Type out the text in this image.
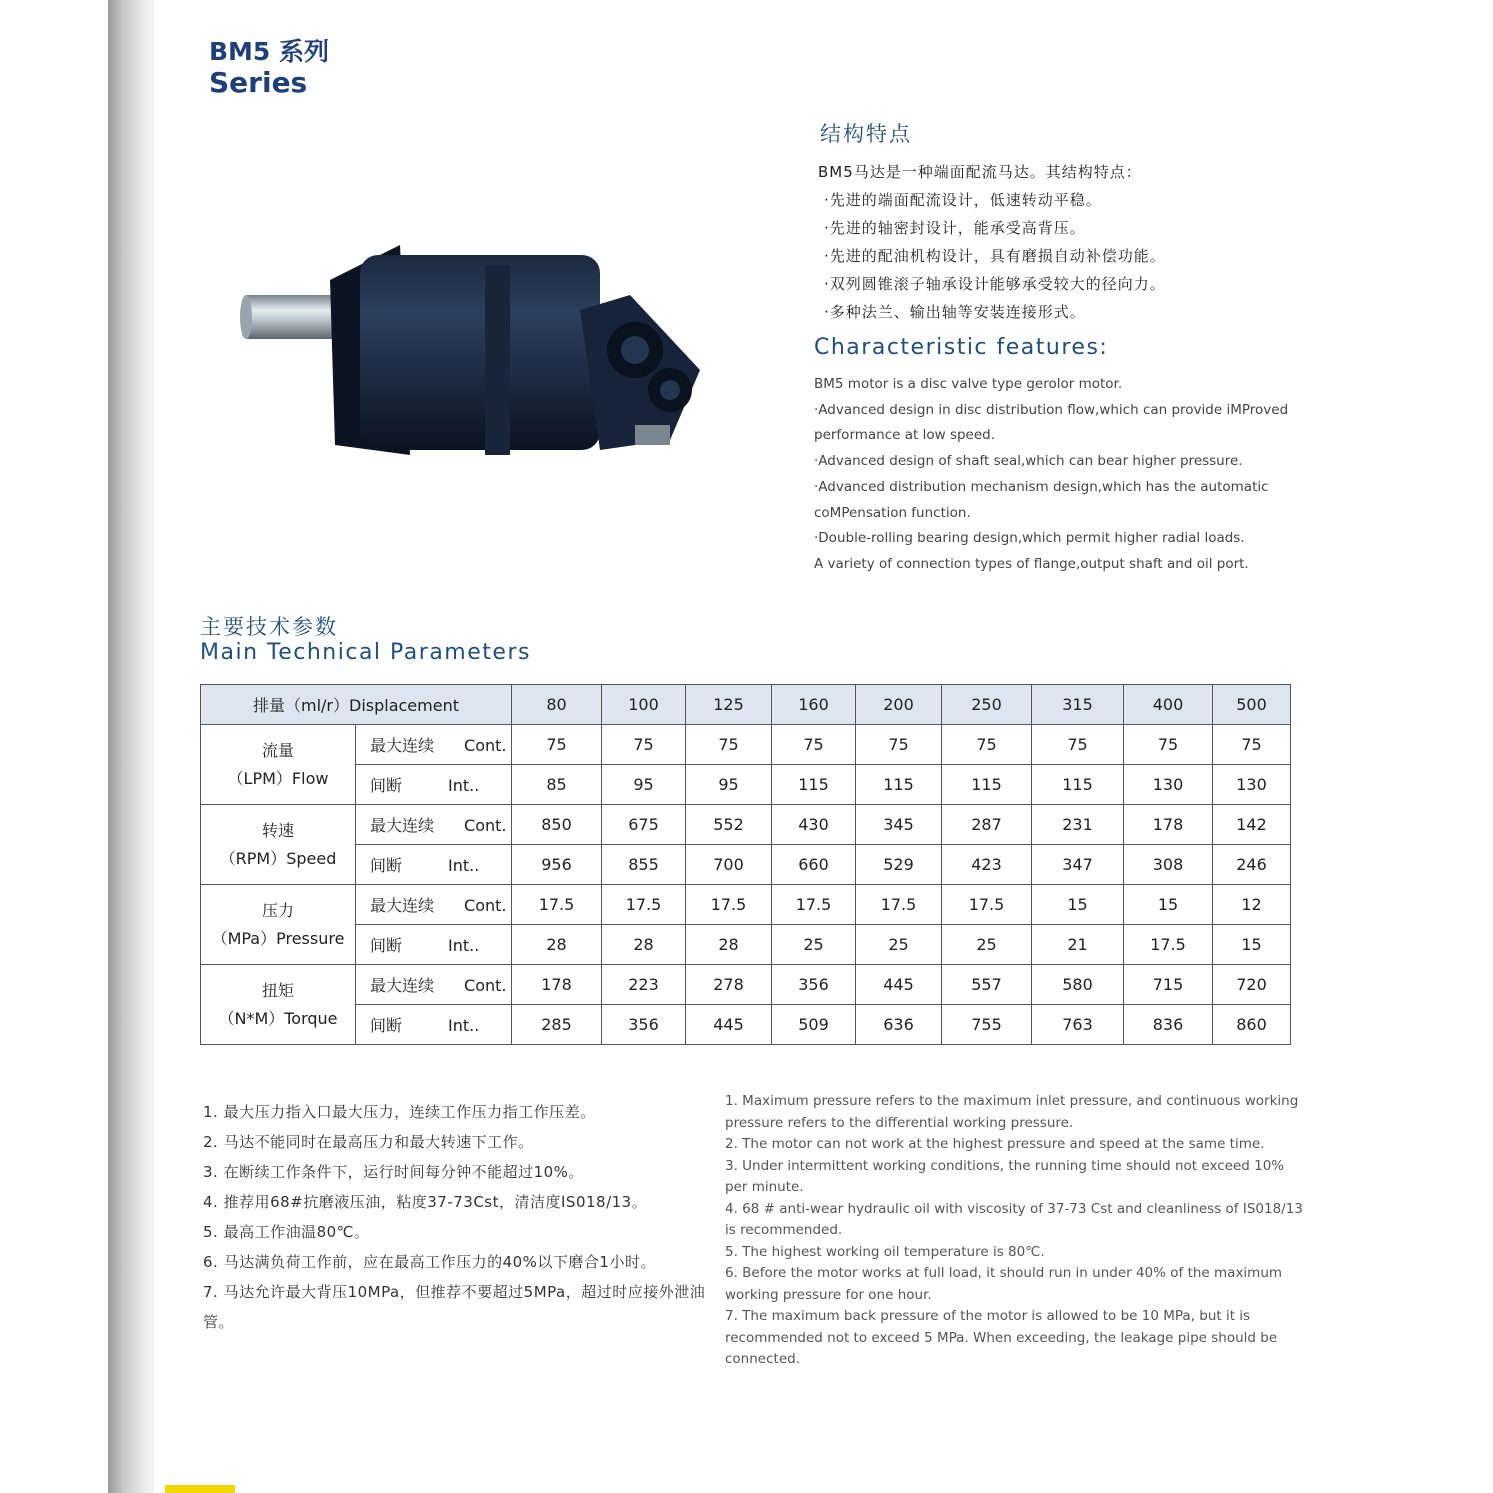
BM5 系列
Series
结构特点
BM5马达是一种端面配流马达。其结构特点：
·先进的端面配流设计，低速转动平稳。
·先进的轴密封设计，能承受高背压。
·先进的配油机构设计，具有磨损自动补偿功能。
·双列圆锥滚子轴承设计能够承受较大的径向力。
·多种法兰、输出轴等安装连接形式。
Characteristic features:
BM5 motor is a disc valve type gerolor motor.
·Advanced design in disc distribution flow,which can provide iMProved performance at low speed.
·Advanced design of shaft seal,which can bear higher pressure.
·Advanced distribution mechanism design,which has the automatic coMPensation function.
·Double-rolling bearing design,which permit higher radial loads.
A variety of connection types of flange,output shaft and oil port.
主要技术参数
Main Technical Parameters
排量（ml/r）Displacement		80	100	125	160	200	250	315	400	500

流量
（LPM）Flow	最大连续 Cont.	75	75	75	75	75	75	75	75	75
	间断 Int..	85	95	95	115	115	115	115	130	130

转速
（RPM）Speed	最大连续 Cont.	850	675	552	430	345	287	231	178	142
	间断 Int..	956	855	700	660	529	423	347	308	246

压力
（MPa）Pressure	最大连续 Cont.	17.5	17.5	17.5	17.5	17.5	17.5	15	15	12
	间断 Int..	28	28	28	25	25	25	21	17.5	15

扭矩
（N*M）Torque	最大连续 Cont.	178	223	278	356	445	557	580	715	720
	间断 Int..	285	356	445	509	636	755	763	836	860

1. 最大压力指入口最大压力，连续工作压力指工作压差。

2. 马达不能同时在最高压力和最大转速下工作。

3. 在断续工作条件下，运行时间每分钟不能超过10%。

4. 推荐用68#抗磨液压油，粘度37-73Cst，清洁度IS018/13。

5. 最高工作油温80℃。

6. 马达满负荷工作前，应在最高工作压力的40%以下磨合1小时。

7. 马达允许最大背压10MPa，但推荐不要超过5MPa，超过时应接外泄油管。

1. Maximum pressure refers to the maximum inlet pressure, and continuous working pressure refers to the differential working pressure.

2. The motor can not work at the highest pressure and speed at the same time.

3. Under intermittent working conditions, the running time should not exceed 10% per minute.

4. 68 # anti-wear hydraulic oil with viscosity of 37-73 Cst and cleanliness of IS018/13 is recommended.

5. The highest working oil temperature is 80℃.

6. Before the motor works at full load, it should run in under 40% of the maximum working pressure for one hour.

7. The maximum back pressure of the motor is allowed to be 10 MPa, but it is recommended not to exceed 5 MPa. When exceeding, the leakage pipe should be connected.
